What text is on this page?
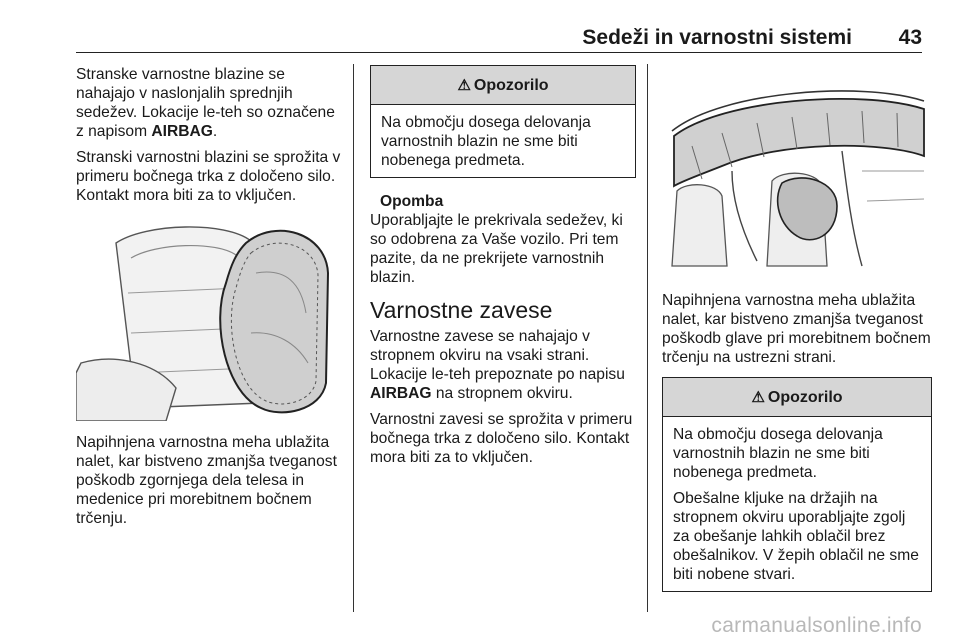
Sedeži in varnostni sistemi 43

Stranske varnostne blazine se nahajajo v naslonjalih sprednjih sedežev. Lokacije le-teh so označene z napisom AIRBAG.

Stranski varnostni blazini se sprožita v primeru bočnega trka z določeno silo. Kontakt mora biti za to vključen.

Napihnjena varnostna meha ublažita nalet, kar bistveno zmanjša tveganost poškodb zgornjega dela telesa in medenice pri morebitnem bočnem trčenju.

⚠ Opozorilo

Na območju dosega delovanja varnostnih blazin ne sme biti nobenega predmeta.

Opomba

Uporabljajte le prekrivala sedežev, ki so odobrena za Vaše vozilo. Pri tem pazite, da ne prekrijete varnostnih blazin.

Varnostne zavese

Varnostne zavese se nahajajo v stropnem okviru na vsaki strani. Lokacije le-teh prepoznate po napisu AIRBAG na stropnem okviru.

Varnostni zavesi se sprožita v primeru bočnega trka z določeno silo. Kontakt mora biti za to vključen.

Napihnjena varnostna meha ublažita nalet, kar bistveno zmanjša tveganost poškodb glave pri morebitnem bočnem trčenju na ustrezni strani.

⚠ Opozorilo

Na območju dosega delovanja varnostnih blazin ne sme biti nobenega predmeta.

Obešalne kljuke na držajih na stropnem okviru uporabljajte zgolj za obešanje lahkih oblačil brez obešalnikov. V žepih oblačil ne sme biti nobene stvari.

carmanualsonline.info
